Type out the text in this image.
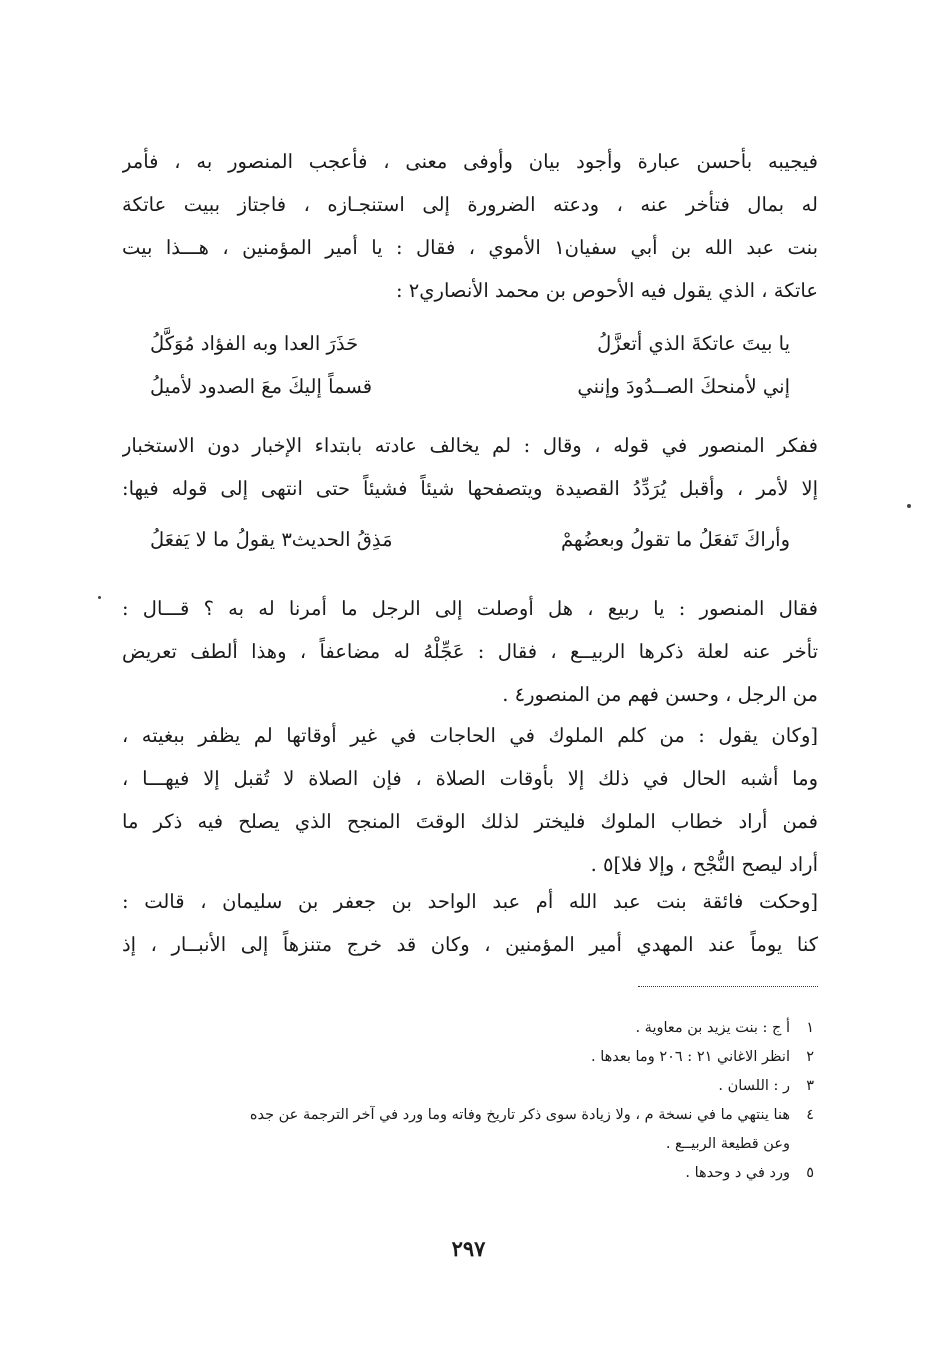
فيجيبه بأحسن عبارة وأجود بيان وأوفى معنى ، فأعجب المنصور به ، فأمر
له بمال فتأخر عنه ، ودعته الضرورة إلى استنجـازه ، فاجتاز ببيت عاتكة
بنت عبد الله بن أبي سفيان١ الأموي ، فقال : يا أمير المؤمنين ، هـــذا بيت
عاتكة ، الذي يقول فيه الأحوص بن محمد الأنصاري٢ :
يا بيتَ عاتكةَ الذي أتعزَّلُ
حَذَرَ العدا وبه الفؤاد مُوَكَّلُ
إني لأمنحكَ الصــدُودَ وإنني
قسماً إليكَ معَ الصدود لأميلُ
ففكر المنصور في قوله ، وقال : لم يخالف عادته بابتداء الإخبار دون الاستخبار
إلا لأمر ، وأقبل يُرَدِّدُ القصيدة ويتصفحها شيئاً فشيئاً حتى انتهى إلى قوله فيها:
وأراكَ تَفعَلُ ما تقولُ وبعضُهمْ
مَذِقُ الحديث٣ يقولُ ما لا يَفعَلُ
فقال المنصور : يا ربيع ، هل أوصلت إلى الرجل ما أمرنا له به ؟ قـــال :
تأخر عنه لعلة ذكرها الربيــع ، فقال : عَجِّلْهُ له مضاعفاً ، وهذا ألطف تعريض
من الرجل ، وحسن فهم من المنصور٤ .
[وكان يقول : من كلم الملوك في الحاجات في غير أوقاتها لم يظفر ببغيته ،
وما أشبه الحال في ذلك إلا بأوقات الصلاة ، فإن الصلاة لا تُقبل إلا فيهـــا ،
فمن أراد خطاب الملوك فليختر لذلك الوقتَ المنجح الذي يصلح فيه ذكر ما
أراد ليصح النُّجْح ، وإلا فلا]٥ .
[وحكت فائقة بنت عبد الله أم عبد الواحد بن جعفر بن سليمان ، قالت :
كنا يوماً عند المهدي أمير المؤمنين ، وكان قد خرج متنزهاً إلى الأنبــار ، إذ
١
أ ج : بنت يزيد بن معاوية .
٢
انظر الاغاني ٢١ : ٢٠٦ وما بعدها .
٣
ر : اللسان .
٤
هنا ينتهي ما في نسخة م ، ولا زيادة سوى ذكر تاريخ وفاته وما ورد في آخر الترجمة عن جده
وعن قطيعة الربيــع .
٥
ورد في د وحدها .
٢٩٧
